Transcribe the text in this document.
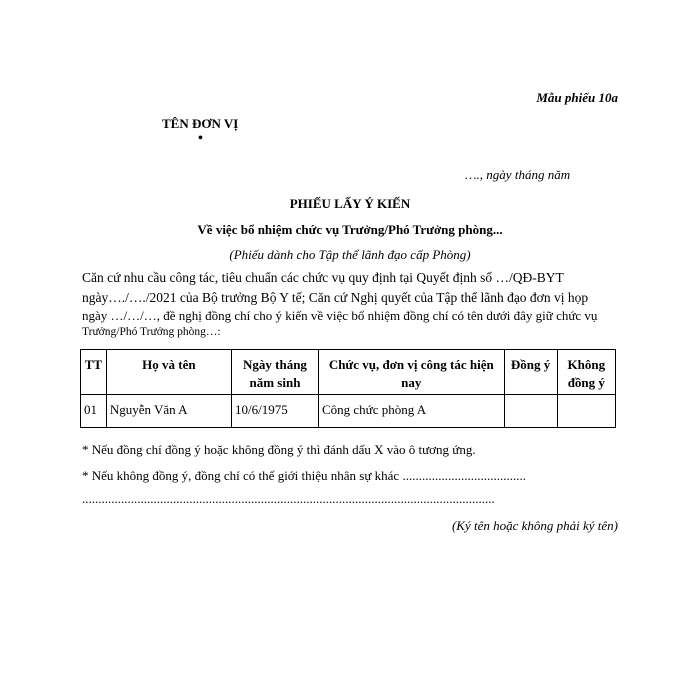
Mẫu phiếu 10a
TÊN ĐƠN VỊ
•
…., ngày tháng năm
PHIẾU LẤY Ý KIẾN
Về việc bổ nhiệm chức vụ Trưởng/Phó Trưởng phòng...
(Phiếu dành cho Tập thể lãnh đạo cấp Phòng)
Căn cứ nhu cầu công tác, tiêu chuẩn các chức vụ quy định tại Quyết định số …/QĐ-BYT
ngày…./…./2021 của Bộ trưởng Bộ Y tế; Căn cứ Nghị quyết của Tập thể lãnh đạo đơn vị họp
ngày …/…/…, đề nghị đồng chí cho ý kiến về việc bổ nhiệm đồng chí có tên dưới đây giữ chức vụ
Trưởng/Phó Trưởng phòng…:
TT	Họ và tên	Ngày tháng năm sinh	Chức vụ, đơn vị công tác hiện nay	Đồng ý	Không đồng ý
01	Nguyễn Văn A	10/6/1975	Công chức phòng A		
* Nếu đồng chí đồng ý hoặc không đồng ý thì đánh dấu X vào ô tương ứng.
* Nếu không đồng ý, đồng chí có thể giới thiệu nhân sự khác ......................................
...............................................................................................................................
(Ký tên hoặc không phải ký tên)
